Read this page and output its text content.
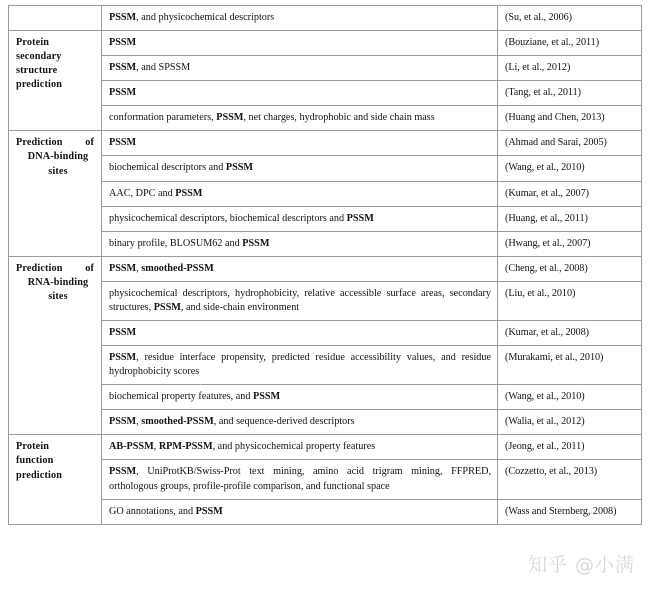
	PSSM, and physicochemical descriptors	(Su, et al., 2006)

Protein
secondary
structure
prediction	PSSM	(Bouziane, et al., 2011)
	PSSM, and SPSSM	(Li, et al., 2012)
	PSSM	(Tang, et al., 2011)
	conformation parameters, PSSM, net charges, hydrophobic and side chain mass	(Huang and Chen, 2013)
Prediction of
DNA-binding sites	PSSM	(Ahmad and Sarai, 2005)
	biochemical descriptors and PSSM	(Wang, et al., 2010)
	AAC, DPC and PSSM	(Kumar, et al., 2007)
	physicochemical descriptors, biochemical descriptors and PSSM	(Huang, et al., 2011)
	binary profile, BLOSUM62 and PSSM	(Hwang, et al., 2007)
Prediction of
RNA-binding sites	PSSM, smoothed-PSSM	(Cheng, et al., 2008)
	physicochemical descriptors, hydrophobicity, relative accessible surface areas, secondary structures, PSSM, and side-chain environment	(Liu, et al., 2010)
	PSSM	(Kumar, et al., 2008)
	PSSM, residue interface propensity, predicted residue accessibility values, and residue hydrophobicity scores	(Murakami, et al., 2010)
	biochemical property features, and PSSM	(Wang, et al., 2010)
	PSSM, smoothed-PSSM, and sequence-derived descriptors	(Walia, et al., 2012)

Protein
function
prediction	AB-PSSM, RPM-PSSM, and physicochemical property features	(Jeong, et al., 2011)
	PSSM, UniProtKB/Swiss-Prot text mining, amino acid trigram mining, FFPRED, orthologous groups, profile-profile comparison, and functional space	(Cozzetto, et al., 2013)
	GO annotations, and PSSM	(Wass and Sternberg, 2008)
知乎 @小满
